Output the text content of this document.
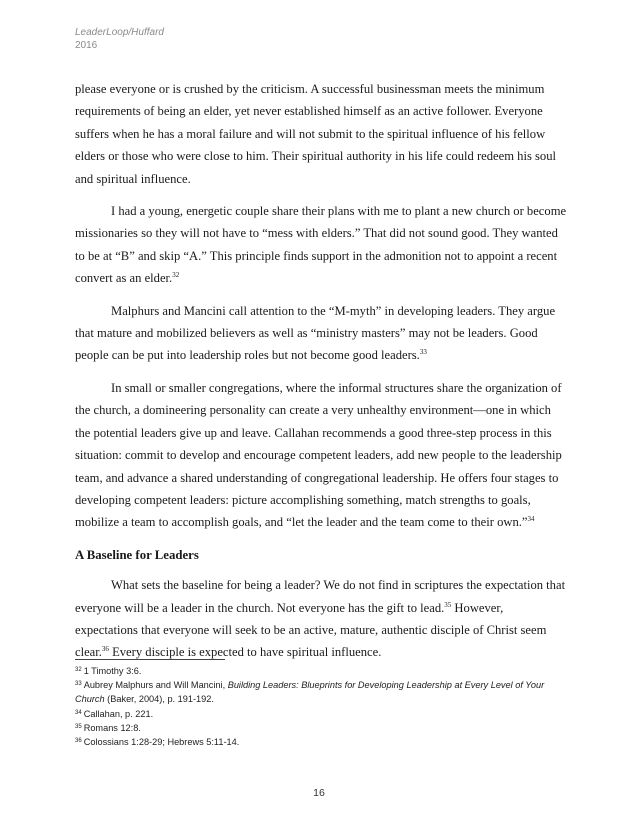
LeaderLoop/Huffard
2016

please everyone or is crushed by the criticism. A successful businessman meets the minimum requirements of being an elder, yet never established himself as an active follower. Everyone suffers when he has a moral failure and will not submit to the spiritual influence of his fellow elders or those who were close to him. Their spiritual authority in his life could redeem his soul and spiritual influence.

I had a young, energetic couple share their plans with me to plant a new church or become missionaries so they will not have to “mess with elders.” That did not sound good. They wanted to be at “B” and skip “A.” This principle finds support in the admonition not to appoint a recent convert as an elder.$^{32}$

Malphurs and Mancini call attention to the “M-myth” in developing leaders. They argue that mature and mobilized believers as well as “ministry masters” may not be leaders. Good people can be put into leadership roles but not become good leaders.$^{33}$

In small or smaller congregations, where the informal structures share the organization of the church, a domineering personality can create a very unhealthy environment—one in which the potential leaders give up and leave. Callahan recommends a good three-step process in this situation: commit to develop and encourage competent leaders, add new people to the leadership team, and advance a shared understanding of congregational leadership. He offers four stages to developing competent leaders: picture accomplishing something, match strengths to goals, mobilize a team to accomplish goals, and “let the leader and the team come to their own.”$^{34}$

A Baseline for Leaders

What sets the baseline for being a leader? We do not find in scriptures the expectation that everyone will be a leader in the church. Not everyone has the gift to lead.$^{35}$ However, expectations that everyone will seek to be an active, mature, authentic disciple of Christ seem clear.$^{36}$ Every disciple is expected to have spiritual influence.

$^{32}$ 1 Timothy 3:6.
$^{33}$ Aubrey Malphurs and Will Mancini, Building Leaders: Blueprints for Developing Leadership at Every Level of Your Church (Baker, 2004), p. 191-192.
$^{34}$ Callahan, p. 221.
$^{35}$ Romans 12:8.
$^{36}$ Colossians 1:28-29; Hebrews 5:11-14.
16
